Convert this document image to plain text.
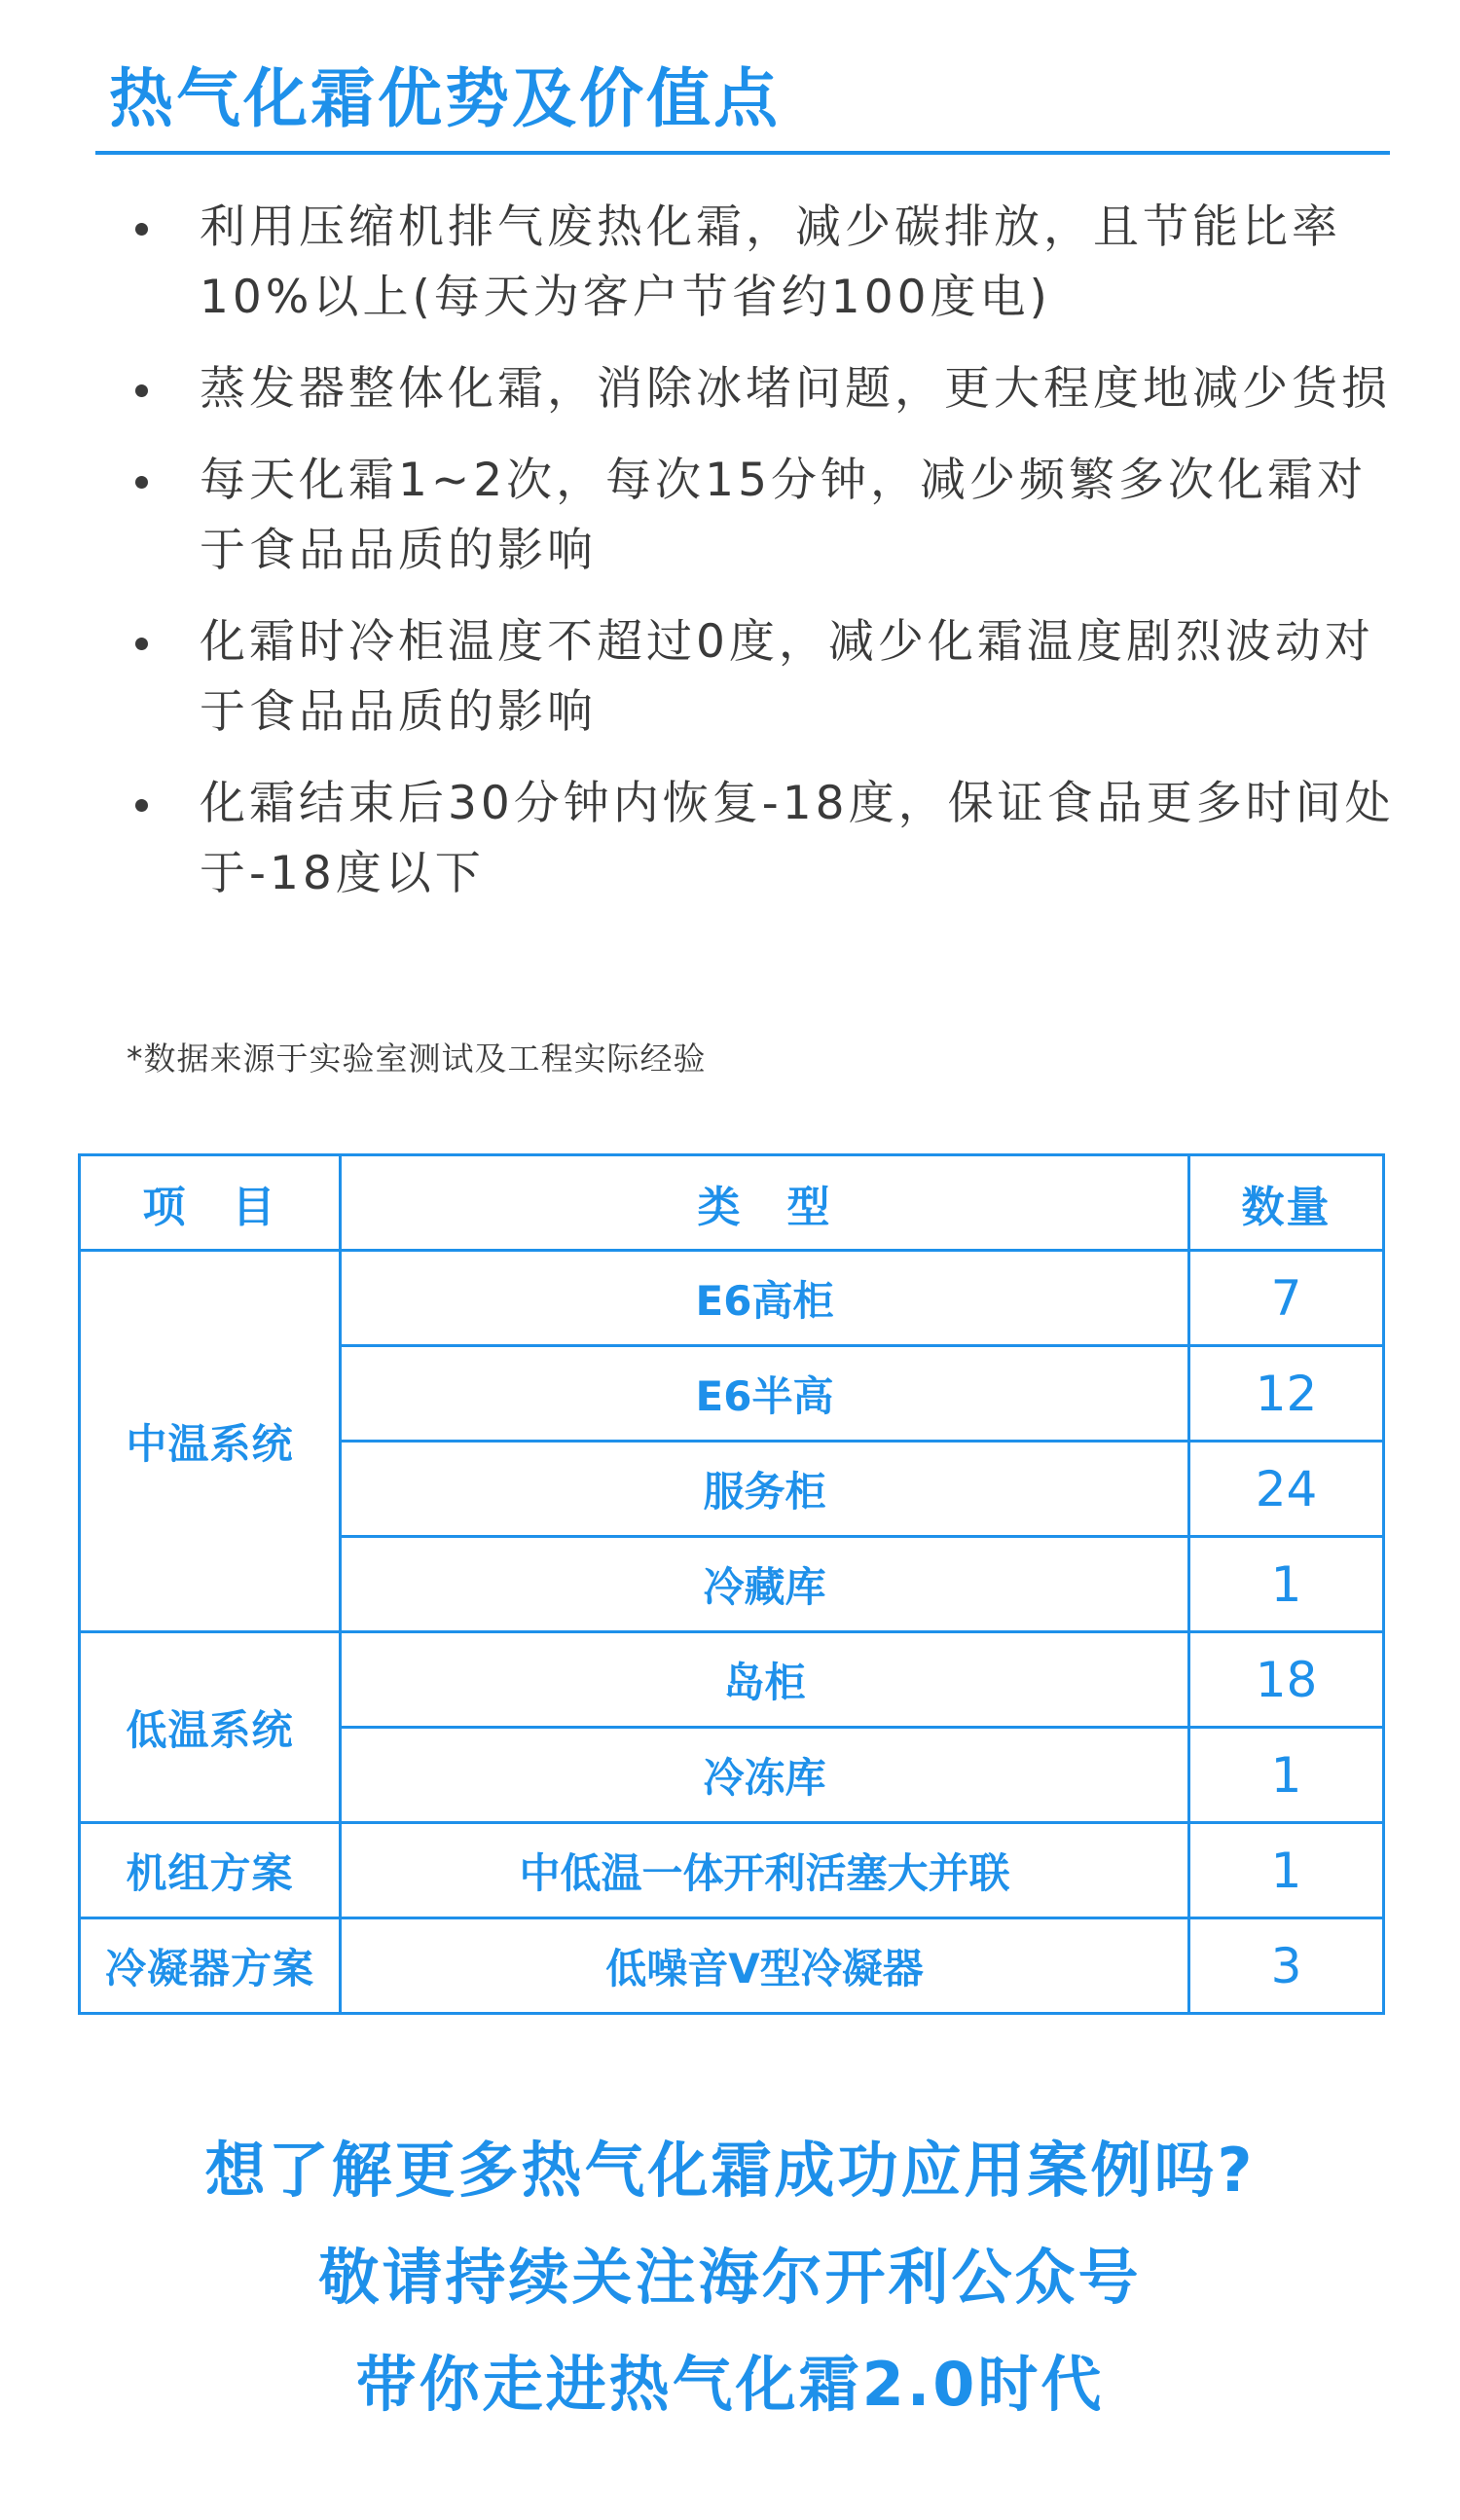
热气化霜优势及价值点
利用压缩机排气废热化霜，减少碳排放，且节能比率10%以上(每天为客户节省约100度电)
蒸发器整体化霜，消除冰堵问题，更大程度地减少货损
每天化霜1~2次，每次15分钟，减少频繁多次化霜对于食品品质的影响
化霜时冷柜温度不超过0度，减少化霜温度剧烈波动对于食品品质的影响
化霜结束后30分钟内恢复-18度，保证食品更多时间处于-18度以下
*数据来源于实验室测试及工程实际经验
项　目	类　型	数量
中温系统	E6高柜	7
	E6半高	12
	服务柜	24
	冷藏库	1
低温系统	岛柜	18
	冷冻库	1
机组方案	中低温一体开利活塞大并联	1
冷凝器方案	低噪音V型冷凝器	3
想了解更多热气化霜成功应用案例吗?
敬请持续关注海尔开利公众号
带你走进热气化霜2.0时代
